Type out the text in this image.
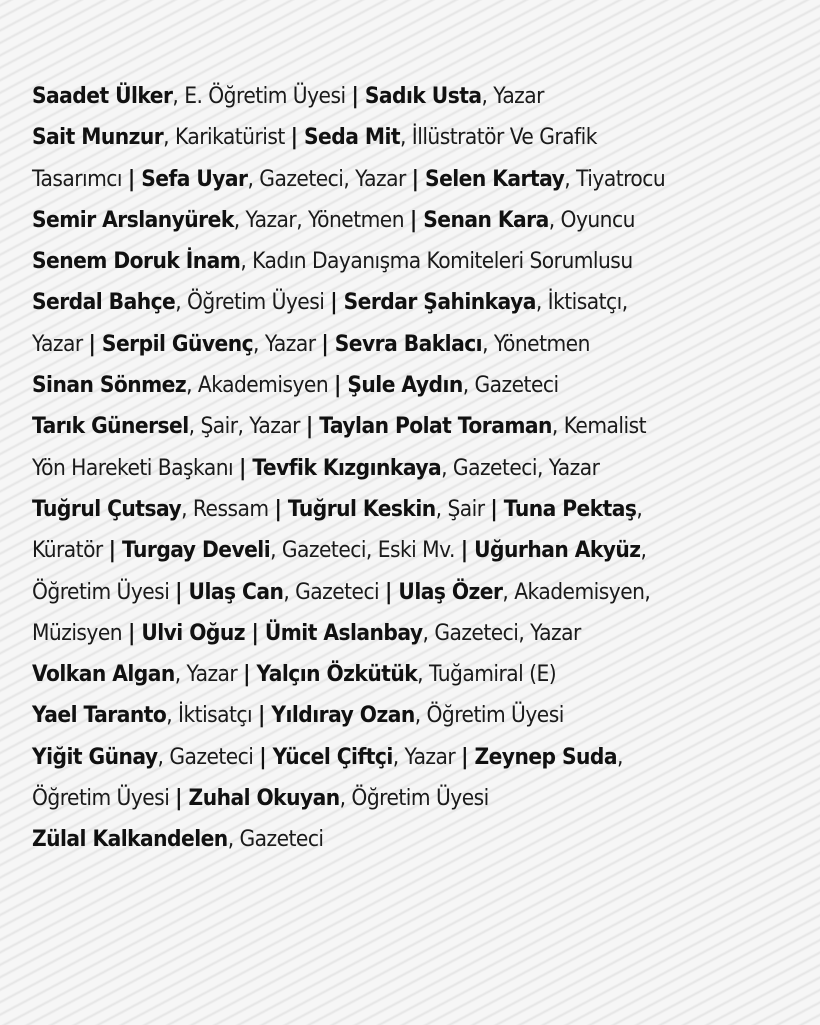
Saadet Ülker, E. Öğretim Üyesi | Sadık Usta, Yazar
Sait Munzur, Karikatürist | Seda Mit, İllüstratör Ve Grafik
Tasarımcı | Sefa Uyar, Gazeteci, Yazar | Selen Kartay, Tiyatrocu
Semir Arslanyürek, Yazar, Yönetmen | Senan Kara, Oyuncu
Senem Doruk İnam, Kadın Dayanışma Komiteleri Sorumlusu
Serdal Bahçe, Öğretim Üyesi | Serdar Şahinkaya, İktisatçı,
Yazar | Serpil Güvenç, Yazar | Sevra Baklacı, Yönetmen
Sinan Sönmez, Akademisyen | Şule Aydın, Gazeteci
Tarık Günersel, Şair, Yazar | Taylan Polat Toraman, Kemalist
Yön Hareketi Başkanı | Tevfik Kızgınkaya, Gazeteci, Yazar
Tuğrul Çutsay, Ressam | Tuğrul Keskin, Şair | Tuna Pektaş,
Küratör | Turgay Develi, Gazeteci, Eski Mv. | Uğurhan Akyüz,
Öğretim Üyesi | Ulaş Can, Gazeteci | Ulaş Özer, Akademisyen,
Müzisyen | Ulvi Oğuz | Ümit Aslanbay, Gazeteci, Yazar
Volkan Algan, Yazar | Yalçın Özkütük, Tuğamiral (E)
Yael Taranto, İktisatçı | Yıldıray Ozan, Öğretim Üyesi
Yiğit Günay, Gazeteci | Yücel Çiftçi, Yazar | Zeynep Suda,
Öğretim Üyesi | Zuhal Okuyan, Öğretim Üyesi
Zülal Kalkandelen, Gazeteci
